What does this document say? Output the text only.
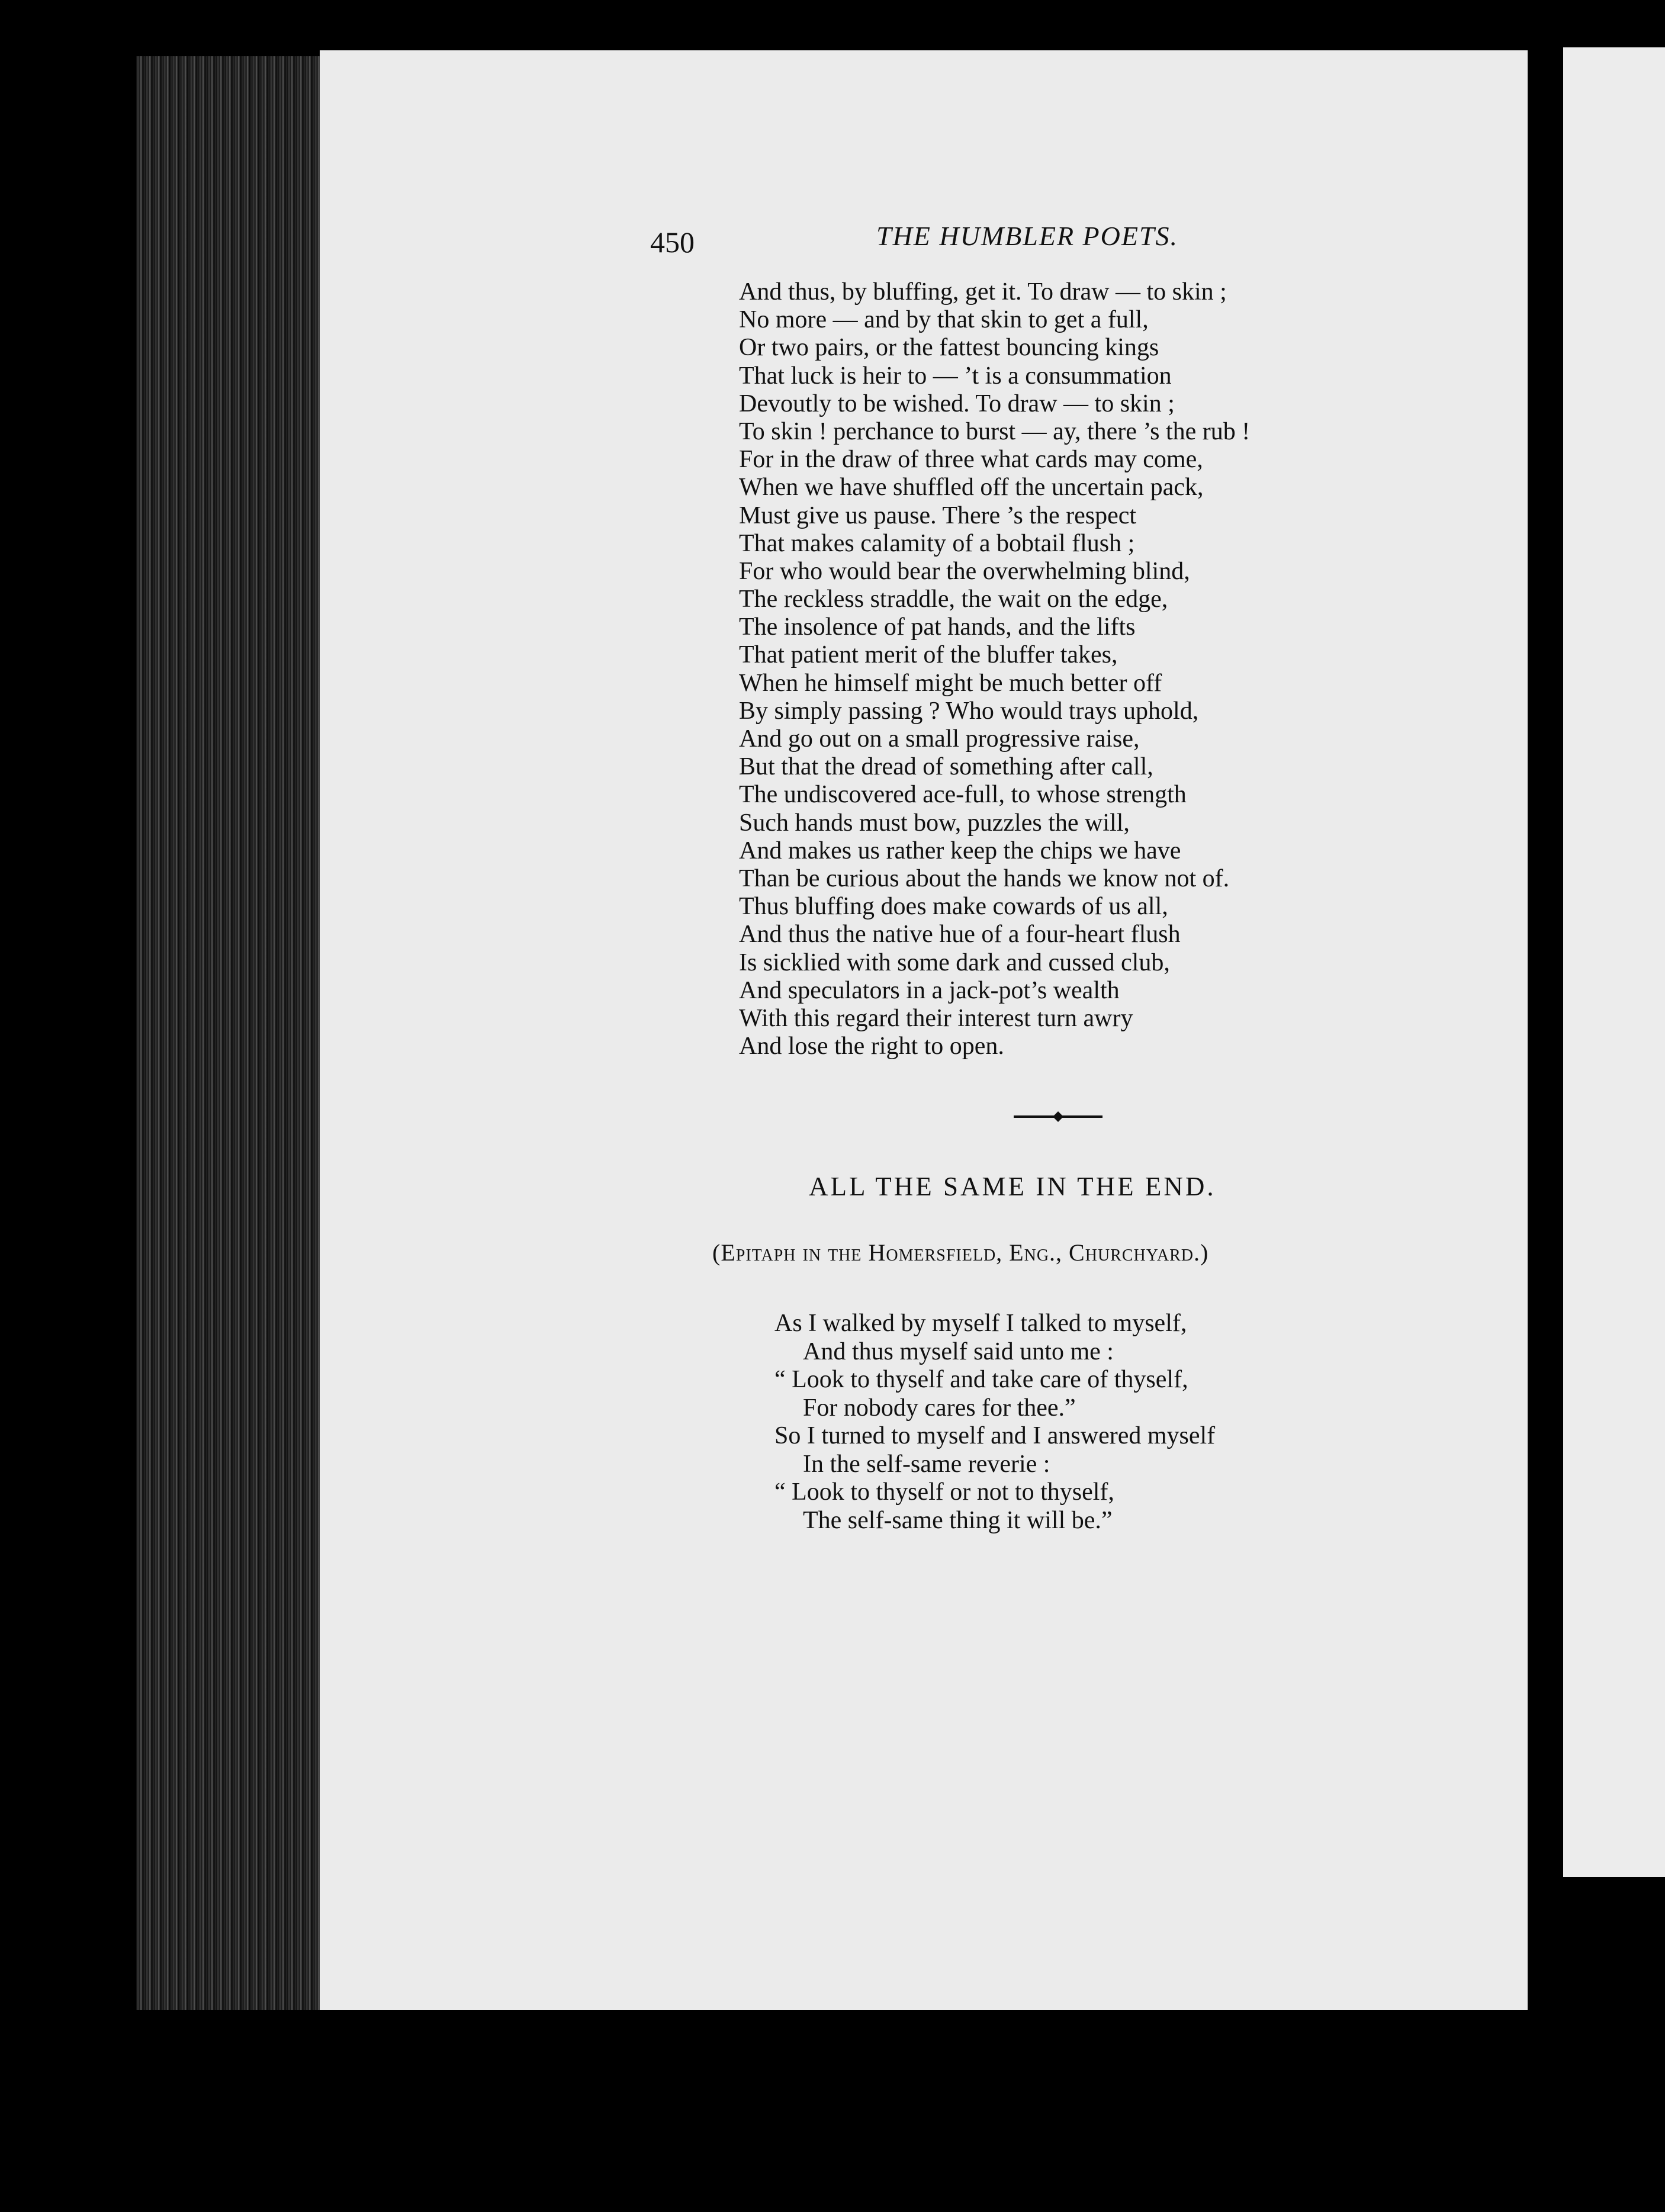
450	THE HUMBLER POETS.
And thus, by bluffing, get it. To draw — to skin ;
No more — and by that skin to get a full,
Or two pairs, or the fattest bouncing kings
That luck is heir to — ’t is a consummation
Devoutly to be wished. To draw — to skin ;
To skin ! perchance to burst — ay, there ’s the rub !
For in the draw of three what cards may come,
When we have shuffled off the uncertain pack,
Must give us pause. There ’s the respect
That makes calamity of a bobtail flush ;
For who would bear the overwhelming blind,
The reckless straddle, the wait on the edge,
The insolence of pat hands, and the lifts
That patient merit of the bluffer takes,
When he himself might be much better off
By simply passing ? Who would trays uphold,
And go out on a small progressive raise,
But that the dread of something after call,
The undiscovered ace-full, to whose strength
Such hands must bow, puzzles the will,
And makes us rather keep the chips we have
Than be curious about the hands we know not of.
Thus bluffing does make cowards of us all,
And thus the native hue of a four-heart flush
Is sicklied with some dark and cussed club,
And speculators in a jack-pot’s wealth
With this regard their interest turn awry
And lose the right to open.
ALL THE SAME IN THE END.
(Epitaph in the Homersfield, Eng., Churchyard.)
As I walked by myself I talked to myself,
And thus myself said unto me :
“ Look to thyself and take care of thyself,
For nobody cares for thee.”
So I turned to myself and I answered myself
In the self-same reverie :
“ Look to thyself or not to thyself,
The self-same thing it will be.”
